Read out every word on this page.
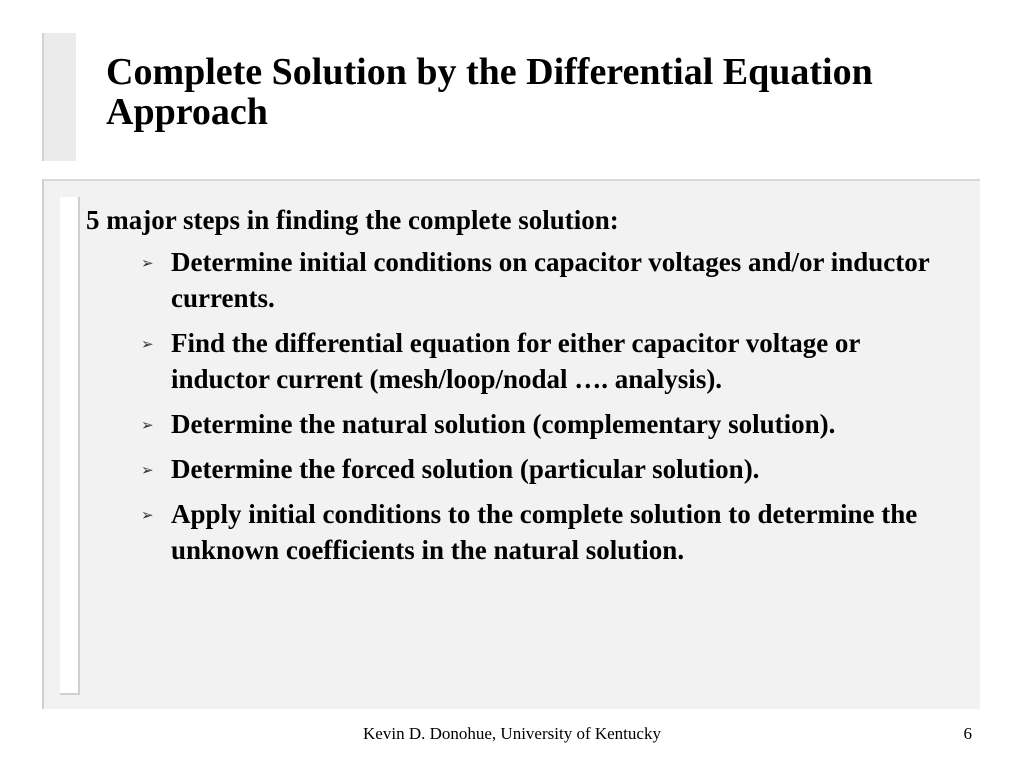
Complete Solution by the Differential Equation Approach

5 major steps in finding the complete solution:

➢ Determine initial conditions on capacitor voltages and/or inductor currents.
➢ Find the differential equation for either capacitor voltage or inductor current (mesh/loop/nodal …. analysis).
➢ Determine the natural solution (complementary solution).
➢ Determine the forced solution (particular solution).
➢ Apply initial conditions to the complete solution to determine the unknown coefficients in the natural solution.
Kevin D. Donohue, University of Kentucky	6
